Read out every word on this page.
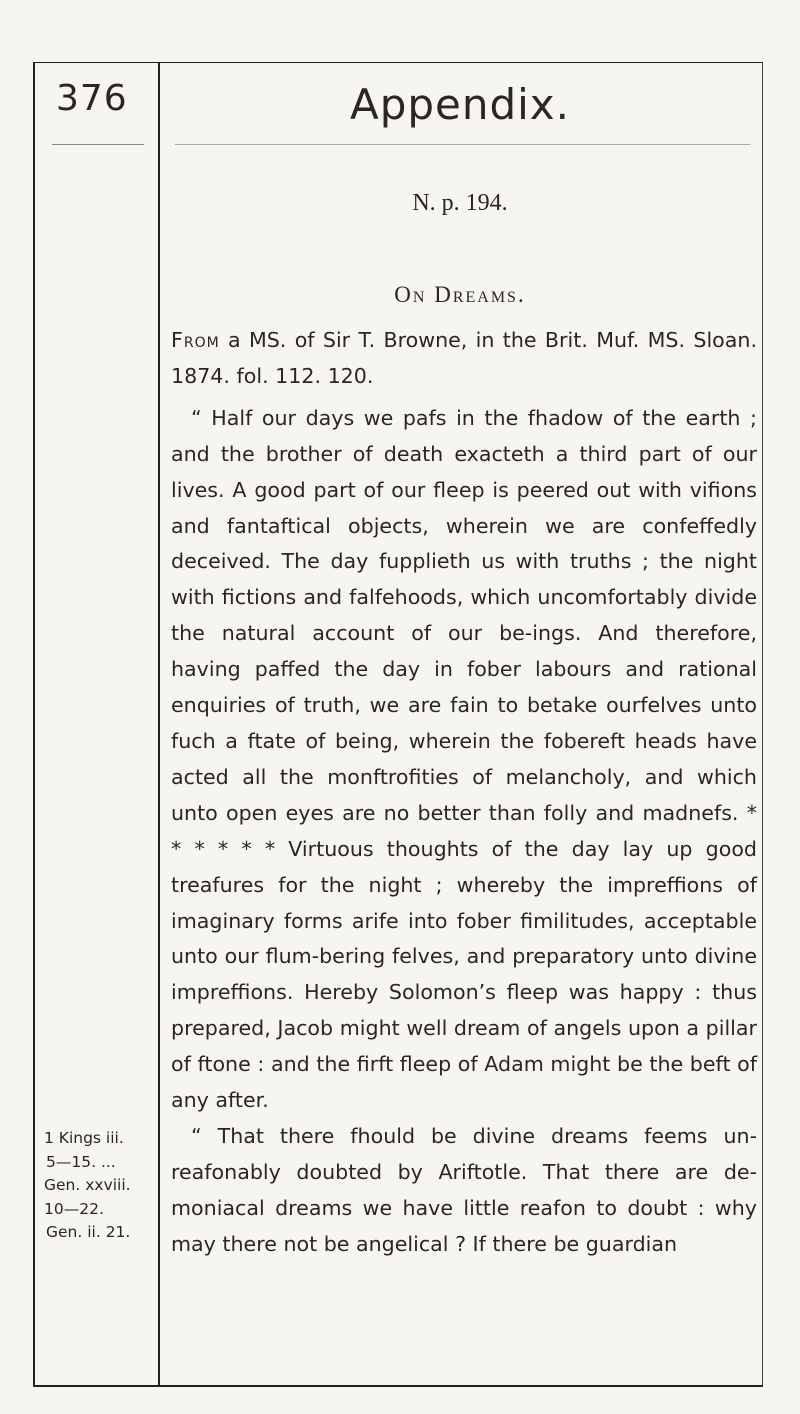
376	Appendix.
N. p. 194.
On Dreams.

From a MS. of Sir T. Browne, in the Brit. Muf. MS. Sloan. 1874. fol. 112. 120.

“ Half our days we pafs in the fhadow of the earth ; and the brother of death exacteth a third part of our lives. A good part of our fleep is peered out with vifions and fantaftical objects, wherein we are confeffedly deceived. The day fupplieth us with truths ; the night with fictions and falfehoods, which uncomfortably divide the natural account of our be-ings. And therefore, having paffed the day in fober labours and rational enquiries of truth, we are fain to betake ourfelves unto fuch a ftate of being, wherein the fobereft heads have acted all the monftrofities of melancholy, and which unto open eyes are no better than folly and madnefs. * * * * * * Virtuous thoughts of the day lay up good treafures for the night ; whereby the impreffions of imaginary forms arife into fober fimilitudes, acceptable unto our flum-bering felves, and preparatory unto divine impreffions. Hereby Solomon’s fleep was happy : thus prepared, Jacob might well dream of angels upon a pillar of ftone : and the firft fleep of Adam might be the beft of any after.

“ That there fhould be divine dreams feems un-reafonably doubted by Ariftotle. That there are de-moniacal dreams we have little reafon to doubt : why may there not be angelical ? If there be guardian

1 Kings iii.
5—15. ...
Gen. xxviii.
10—22.
Gen. ii. 21.
